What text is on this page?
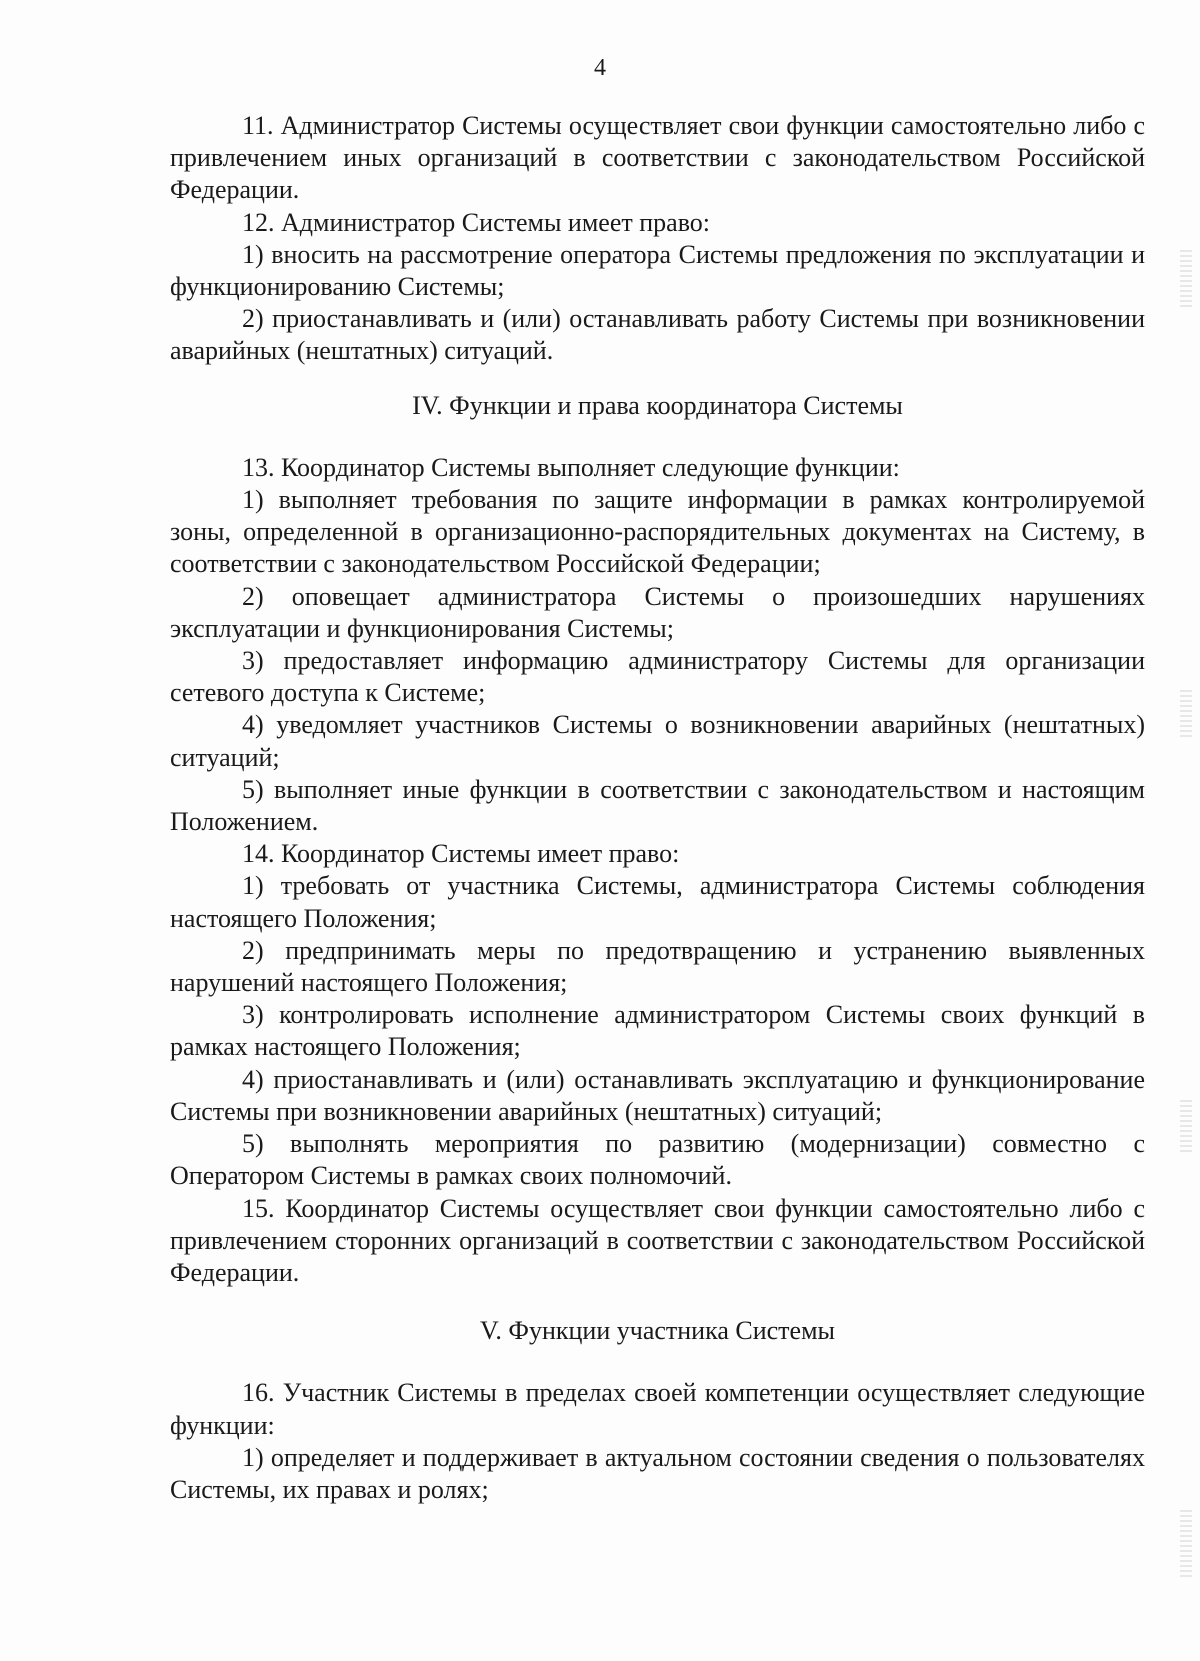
4

11. Администратор Системы осуществляет свои функции самостоятельно либо с привлечением иных организаций в соответствии с законодательством Российской Федерации.

12. Администратор Системы имеет право:

1) вносить на рассмотрение оператора Системы предложения по эксплуатации и функционированию Системы;

2) приостанавливать и (или) останавливать работу Системы при возникновении аварийных (нештатных) ситуаций.

IV. Функции и права координатора Системы

13. Координатор Системы выполняет следующие функции:

1) выполняет требования по защите информации в рамках контролируемой зоны, определенной в организационно-распорядительных документах на Систему, в соответствии с законодательством Российской Федерации;

2) оповещает администратора Системы о произошедших нарушениях эксплуатации и функционирования Системы;

3) предоставляет информацию администратору Системы для организации сетевого доступа к Системе;

4) уведомляет участников Системы о возникновении аварийных (нештатных) ситуаций;

5) выполняет иные функции в соответствии с законодательством и настоящим Положением.

14. Координатор Системы имеет право:

1) требовать от участника Системы, администратора Системы соблюдения настоящего Положения;

2) предпринимать меры по предотвращению и устранению выявленных нарушений настоящего Положения;

3) контролировать исполнение администратором Системы своих функций в рамках настоящего Положения;

4) приостанавливать и (или) останавливать эксплуатацию и функционирование Системы при возникновении аварийных (нештатных) ситуаций;

5) выполнять мероприятия по развитию (модернизации) совместно с Оператором Системы в рамках своих полномочий.

15. Координатор Системы осуществляет свои функции самостоятельно либо с привлечением сторонних организаций в соответствии с законодательством Российской Федерации.

V. Функции участника Системы

16. Участник Системы в пределах своей компетенции осуществляет следующие функции:

1) определяет и поддерживает в актуальном состоянии сведения о пользователях Системы, их правах и ролях;
